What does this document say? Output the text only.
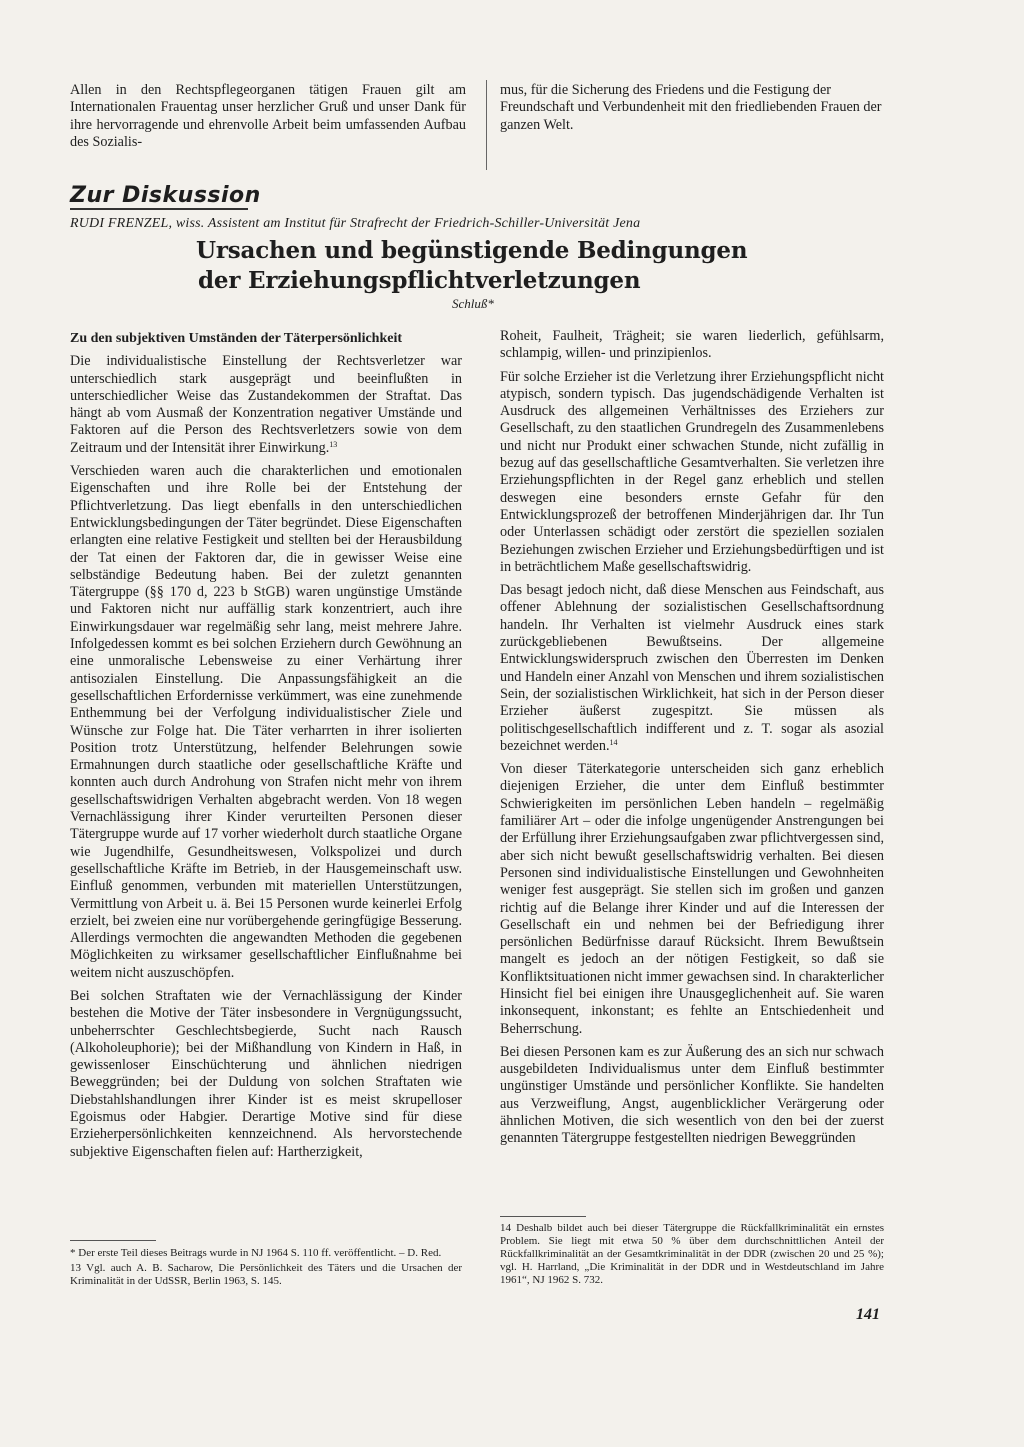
Allen in den Rechtspflegeorganen tätigen Frauen gilt am Internationalen Frauentag unser herzlicher Gruß und unser Dank für ihre hervorragende und ehrenvolle Arbeit beim umfassenden Aufbau des Sozialis-

mus, für die Sicherung des Friedens und die Festigung der Freundschaft und Verbundenheit mit den friedliebenden Frauen der ganzen Welt.

Zur Diskussion
RUDI FRENZEL, wiss. Assistent am Institut für Strafrecht der Friedrich-Schiller-Universität Jena
Ursachen und begünstigende Bedingungen
der Erziehungspflichtverletzungen
Schluß*

Zu den subjektiven Umständen der Täterpersönlichkeit

Die individualistische Einstellung der Rechtsverletzer war unterschiedlich stark ausgeprägt und beeinflußten in unterschiedlicher Weise das Zustandekommen der Straftat. Das hängt ab vom Ausmaß der Konzentration negativer Umstände und Faktoren auf die Person des Rechtsverletzers sowie von dem Zeitraum und der Intensität ihrer Einwirkung.$^{13}$

Verschieden waren auch die charakterlichen und emotionalen Eigenschaften und ihre Rolle bei der Entstehung der Pflichtverletzung. Das liegt ebenfalls in den unterschiedlichen Entwicklungsbedingungen der Täter begründet. Diese Eigenschaften erlangten eine relative Festigkeit und stellten bei der Herausbildung der Tat einen der Faktoren dar, die in gewisser Weise eine selbständige Bedeutung haben. Bei der zuletzt genannten Tätergruppe (§§ 170 d, 223 b StGB) waren ungünstige Umstände und Faktoren nicht nur auffällig stark konzentriert, auch ihre Einwirkungsdauer war regelmäßig sehr lang, meist mehrere Jahre. Infolgedessen kommt es bei solchen Erziehern durch Gewöhnung an eine unmoralische Lebensweise zu einer Verhärtung ihrer antisozialen Einstellung. Die Anpassungsfähigkeit an die gesellschaftlichen Erfordernisse verkümmert, was eine zunehmende Enthemmung bei der Verfolgung individualistischer Ziele und Wünsche zur Folge hat. Die Täter verharrten in ihrer isolierten Position trotz Unterstützung, helfender Belehrungen sowie Ermahnungen durch staatliche oder gesellschaftliche Kräfte und konnten auch durch Androhung von Strafen nicht mehr von ihrem gesellschaftswidrigen Verhalten abgebracht werden. Von 18 wegen Vernachlässigung ihrer Kinder verurteilten Personen dieser Tätergruppe wurde auf 17 vorher wiederholt durch staatliche Organe wie Jugendhilfe, Gesundheitswesen, Volkspolizei und durch gesellschaftliche Kräfte im Betrieb, in der Hausgemeinschaft usw. Einfluß genommen, verbunden mit materiellen Unterstützungen, Vermittlung von Arbeit u. ä. Bei 15 Personen wurde keinerlei Erfolg erzielt, bei zweien eine nur vorübergehende geringfügige Besserung. Allerdings vermochten die angewandten Methoden die gegebenen Möglichkeiten zu wirksamer gesellschaftlicher Einflußnahme bei weitem nicht auszuschöpfen.

Bei solchen Straftaten wie der Vernachlässigung der Kinder bestehen die Motive der Täter insbesondere in Vergnügungssucht, unbeherrschter Geschlechtsbegierde, Sucht nach Rausch (Alkoholeuphorie); bei der Mißhandlung von Kindern in Haß, in gewissenloser Einschüchterung und ähnlichen niedrigen Beweggründen; bei der Duldung von solchen Straftaten wie Diebstahlshandlungen ihrer Kinder ist es meist skrupelloser Egoismus oder Habgier. Derartige Motive sind für diese Erzieherpersönlichkeiten kennzeichnend. Als hervorstechende subjektive Eigenschaften fielen auf: Hartherzigkeit,

Roheit, Faulheit, Trägheit; sie waren liederlich, gefühlsarm, schlampig, willen- und prinzipienlos.

Für solche Erzieher ist die Verletzung ihrer Erziehungspflicht nicht atypisch, sondern typisch. Das jugendschädigende Verhalten ist Ausdruck des allgemeinen Verhältnisses des Erziehers zur Gesellschaft, zu den staatlichen Grundregeln des Zusammenlebens und nicht nur Produkt einer schwachen Stunde, nicht zufällig in bezug auf das gesellschaftliche Gesamtverhalten. Sie verletzen ihre Erziehungspflichten in der Regel ganz erheblich und stellen deswegen eine besonders ernste Gefahr für den Entwicklungsprozeß der betroffenen Minderjährigen dar. Ihr Tun oder Unterlassen schädigt oder zerstört die speziellen sozialen Beziehungen zwischen Erzieher und Erziehungsbedürftigen und ist in beträchtlichem Maße gesellschaftswidrig.

Das besagt jedoch nicht, daß diese Menschen aus Feindschaft, aus offener Ablehnung der sozialistischen Gesellschaftsordnung handeln. Ihr Verhalten ist vielmehr Ausdruck eines stark zurückgebliebenen Bewußtseins. Der allgemeine Entwicklungswiderspruch zwischen den Überresten im Denken und Handeln einer Anzahl von Menschen und ihrem sozialistischen Sein, der sozialistischen Wirklichkeit, hat sich in der Person dieser Erzieher äußerst zugespitzt. Sie müssen als politischgesellschaftlich indifferent und z. T. sogar als asozial bezeichnet werden.$^{14}$

Von dieser Täterkategorie unterscheiden sich ganz erheblich diejenigen Erzieher, die unter dem Einfluß bestimmter Schwierigkeiten im persönlichen Leben handeln – regelmäßig familiärer Art – oder die infolge ungenügender Anstrengungen bei der Erfüllung ihrer Erziehungsaufgaben zwar pflichtvergessen sind, aber sich nicht bewußt gesellschaftswidrig verhalten. Bei diesen Personen sind individualistische Einstellungen und Gewohnheiten weniger fest ausgeprägt. Sie stellen sich im großen und ganzen richtig auf die Belange ihrer Kinder und auf die Interessen der Gesellschaft ein und nehmen bei der Befriedigung ihrer persönlichen Bedürfnisse darauf Rücksicht. Ihrem Bewußtsein mangelt es jedoch an der nötigen Festigkeit, so daß sie Konfliktsituationen nicht immer gewachsen sind. In charakterlicher Hinsicht fiel bei einigen ihre Unausgeglichenheit auf. Sie waren inkonsequent, inkonstant; es fehlte an Entschiedenheit und Beherrschung.

Bei diesen Personen kam es zur Äußerung des an sich nur schwach ausgebildeten Individualismus unter dem Einfluß bestimmter ungünstiger Umstände und persönlicher Konflikte. Sie handelten aus Verzweiflung, Angst, augenblicklicher Verärgerung oder ähnlichen Motiven, die sich wesentlich von den bei der zuerst genannten Tätergruppe festgestellten niedrigen Beweggründen

* Der erste Teil dieses Beitrags wurde in NJ 1964 S. 110 ff. veröffentlicht. – D. Red.

13 Vgl. auch A. B. Sacharow, Die Persönlichkeit des Täters und die Ursachen der Kriminalität in der UdSSR, Berlin 1963, S. 145.

14 Deshalb bildet auch bei dieser Tätergruppe die Rückfallkriminalität ein ernstes Problem. Sie liegt mit etwa 50 % über dem durchschnittlichen Anteil der Rückfallkriminalität an der Gesamtkriminalität in der DDR (zwischen 20 und 25 %); vgl. H. Harrland, „Die Kriminalität in der DDR und in Westdeutschland im Jahre 1961“, NJ 1962 S. 732.

141
